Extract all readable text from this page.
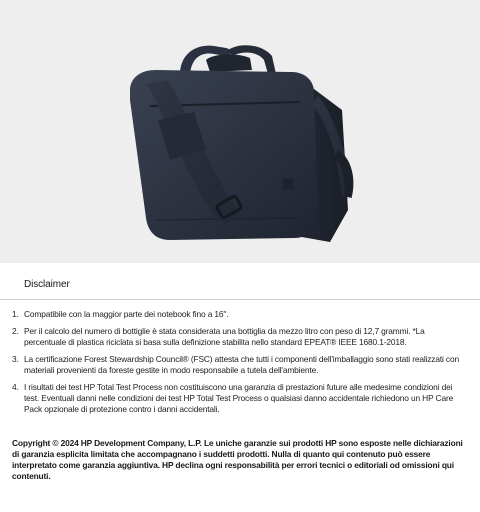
Disclaimer
1. Compatibile con la maggior parte dei notebook fino a 16".
2. Per il calcolo del numero di bottiglie è stata considerata una bottiglia da mezzo litro con peso di 12,7 grammi. *La percentuale di plastica riciclata si basa sulla definizione stabilita nello standard EPEAT® IEEE 1680.1-2018.
3. La certificazione Forest Stewardship Council® (FSC) attesta che tutti i componenti dell'imballaggio sono stati realizzati con materiali provenienti da foreste gestite in modo responsabile a tutela dell'ambiente.
4. I risultati dei test HP Total Test Process non costituiscono una garanzia di prestazioni future alle medesime condizioni dei test. Eventuali danni nelle condizioni dei test HP Total Test Process o qualsiasi danno accidentale richiedono un HP Care Pack opzionale di protezione contro i danni accidentali.
Copyright © 2024 HP Development Company, L.P. Le uniche garanzie sui prodotti HP sono esposte nelle dichiarazioni di garanzia esplicita limitata che accompagnano i suddetti prodotti. Nulla di quanto qui contenuto può essere interpretato come garanzia aggiuntiva. HP declina ogni responsabilità per errori tecnici o editoriali od omissioni qui contenuti.
